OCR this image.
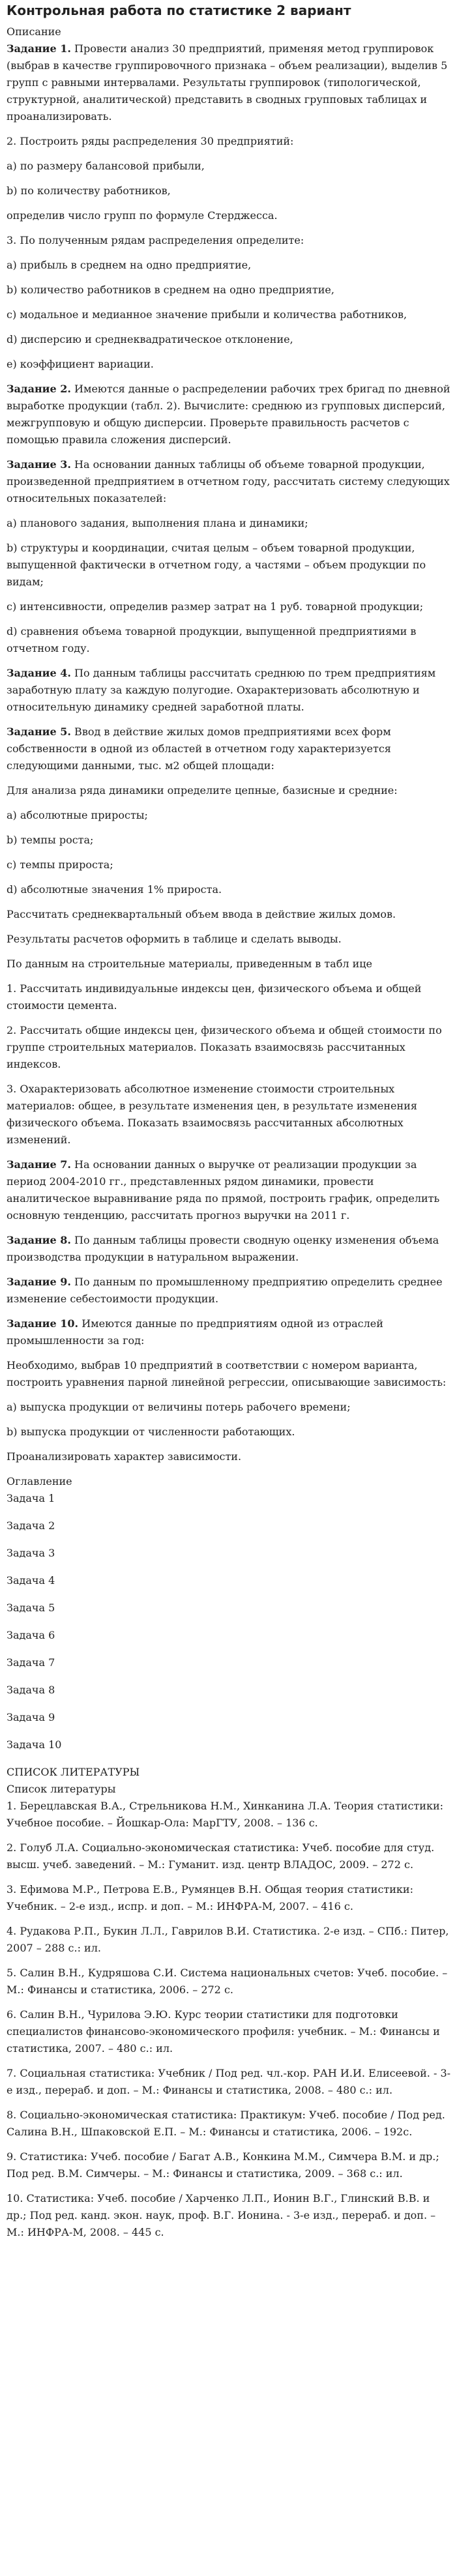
Контрольная работа по статистике 2 вариант
Описание

Задание 1. Провести анализ 30 предприятий, применяя метод группировок (выбрав в качестве группировочного признака – объем реализации), выделив 5 групп с равными интервалами. Результаты группировок (типологической, структурной, аналитической) представить в сводных групповых таблицах и проанализировать.

2. Построить ряды распределения 30 предприятий:

а) по размеру балансовой прибыли,

b) по количеству работников,

определив число групп по формуле Стерджесса.

3. По полученным рядам распределения определите:

а) прибыль в среднем на одно предприятие,

b) количество работников в среднем на одно предприятие,

c) модальное и медианное значение прибыли и количества работников,

d) дисперсию и среднеквадратическое отклонение,

e) коэффициент вариации.

Задание 2. Имеются данные о распределении рабочих трех бригад по дневной выработке продукции (табл. 2). Вычислите: среднюю из групповых дисперсий, межгрупповую и общую дисперсии. Проверьте правильность расчетов с помощью правила сложения дисперсий.

Задание 3. На основании данных таблицы об объеме товарной продукции, произведенной предприятием в отчетном году, рассчитать систему следующих относительных показателей:

а) планового задания, выполнения плана и динамики;

b) структуры и координации, считая целым – объем товарной продукции, выпущенной фактически в отчетном году, а частями – объем продукции по видам;

c) интенсивности, определив размер затрат на 1 руб. товарной продукции;

d) сравнения объема товарной продукции, выпущенной предприятиями в отчетном году.

Задание 4. По данным таблицы рассчитать среднюю по трем предприятиям заработную плату за каждую полугодие. Охарактеризовать абсолютную и относительную динамику средней заработной платы.

Задание 5. Ввод в действие жилых домов предприятиями всех форм собственности в одной из областей в отчетном году характеризуется следующими данными, тыс. м2 общей площади:

Для анализа ряда динамики определите цепные, базисные и средние:

а) абсолютные приросты;

b) темпы роста;

c) темпы прироста;

d) абсолютные значения 1% прироста.

Рассчитать среднеквартальный объем ввода в действие жилых домов.

Результаты расчетов оформить в таблице и сделать выводы.

По данным на строительные материалы, приведенным в табл ице

1. Рассчитать индивидуальные индексы цен, физического объема и общей стоимости цемента.

2. Рассчитать общие индексы цен, физического объема и общей стоимости по группе строительных материалов. Показать взаимосвязь рассчитанных индексов.

3. Охарактеризовать абсолютное изменение стоимости строительных материалов: общее, в результате изменения цен, в результате изменения физического объема. Показать взаимосвязь рассчитанных абсолютных изменений.

Задание 7. На основании данных о выручке от реализации продукции за период 2004-2010 гг., представленных рядом динамики, провести аналитическое выравнивание ряда по прямой, построить график, определить основную тенденцию, рассчитать прогноз выручки на 2011 г.

Задание 8. По данным таблицы провести сводную оценку изменения объема производства продукции в натуральном выражении.

Задание 9. По данным по промышленному предприятию определить среднее изменение себестоимости продукции.

Задание 10. Имеются данные по предприятиям одной из отраслей промышленности за год:

Необходимо, выбрав 10 предприятий в соответствии с номером варианта, построить уравнения парной линейной регрессии, описывающие зависимость:

а) выпуска продукции от величины потерь рабочего времени;

b) выпуска продукции от численности работающих.

Проанализировать характер зависимости.

Оглавление
Задача 1
Задача 2
Задача 3
Задача 4
Задача 5
Задача 6
Задача 7
Задача 8
Задача 9
Задача 10
СПИСОК ЛИТЕРАТУРЫ
Список литературы

1. Берецлавская В.А., Стрельникова Н.М., Хинканина Л.А. Теория статистики: Учебное пособие. – Йошкар-Ола: МарГТУ, 2008. – 136 с.

2. Голуб Л.А. Социально-экономическая статистика: Учеб. пособие для студ. высш. учеб. заведений. – М.: Гуманит. изд. центр ВЛАДОС, 2009. – 272 с.

3. Ефимова М.Р., Петрова Е.В., Румянцев В.Н. Общая теория статистики: Учебник. – 2-е изд., испр. и доп. – М.: ИНФРА-М, 2007. – 416 с.

4. Рудакова Р.П., Букин Л.Л., Гаврилов В.И. Статистика. 2-е изд. – СПб.: Питер, 2007 – 288 с.: ил.

5. Салин В.Н., Кудряшова С.И. Система национальных счетов: Учеб. пособие. – М.: Финансы и статистика, 2006. – 272 с.

6. Салин В.Н., Чурилова Э.Ю. Курс теории статистики для подготовки специалистов финансово-экономического профиля: учебник. – М.: Финансы и статистика, 2007. – 480 с.: ил.

7. Социальная статистика: Учебник / Под ред. чл.-кор. РАН И.И. Елисеевой. - 3-е изд., перераб. и доп. – М.: Финансы и статистика, 2008. – 480 с.: ил.

8. Социально-экономическая статистика: Практикум: Учеб. пособие / Под ред. Салина В.Н., Шпаковской Е.П. – М.: Финансы и статистика, 2006. – 192с.

9. Статистика: Учеб. пособие / Багат А.В., Конкина М.М., Симчера В.М. и др.; Под ред. В.М. Симчеры. – М.: Финансы и статистика, 2009. – 368 с.: ил.

10. Статистика: Учеб. пособие / Харченко Л.П., Ионин В.Г., Глинский В.В. и др.; Под ред. канд. экон. наук, проф. В.Г. Ионина. - 3-е изд., перераб. и доп. – М.: ИНФРА-М, 2008. – 445 с.
